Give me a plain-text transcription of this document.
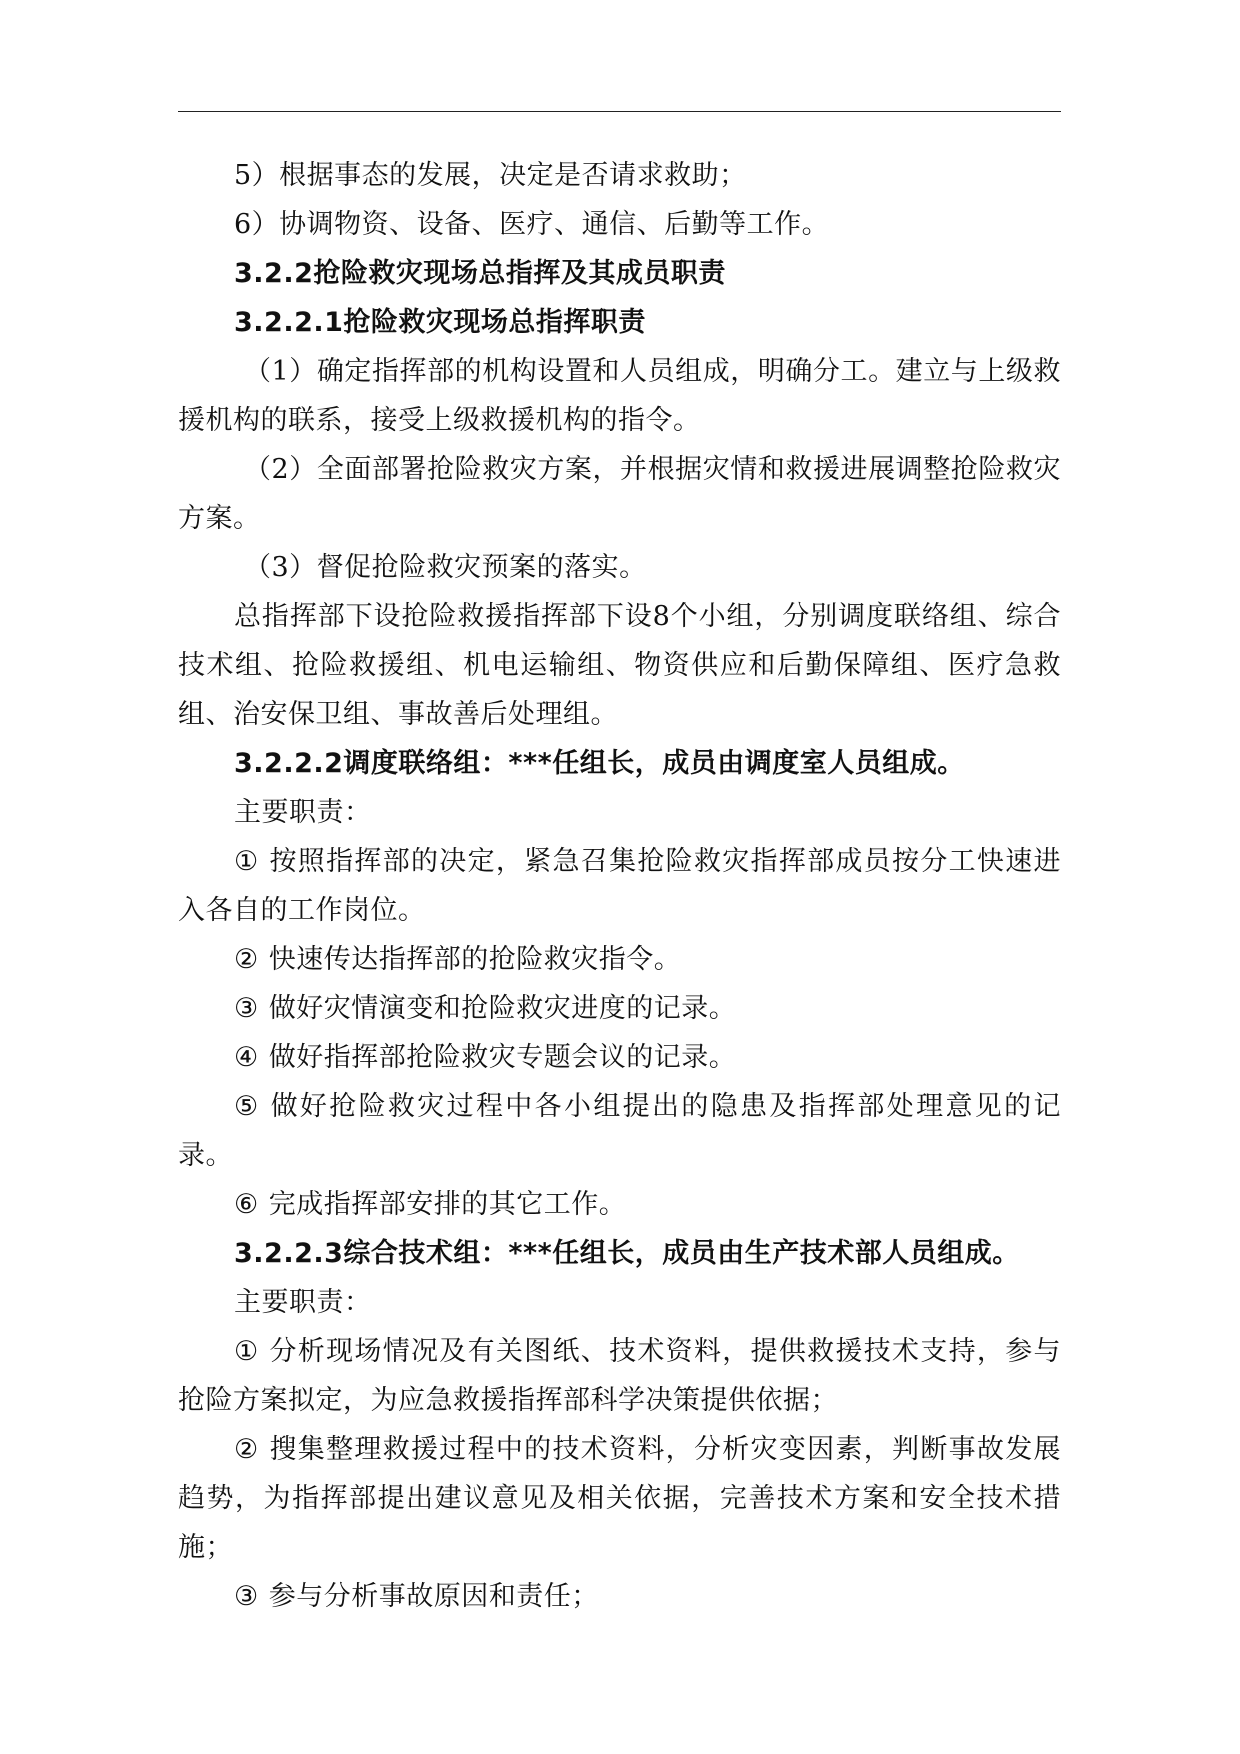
5）根据事态的发展，决定是否请求救助；

6）协调物资、设备、医疗、通信、后勤等工作。

3.2.2抢险救灾现场总指挥及其成员职责

3.2.2.1抢险救灾现场总指挥职责

（1）确定指挥部的机构设置和人员组成，明确分工。建立与上级救援机构的联系，接受上级救援机构的指令。

（2）全面部署抢险救灾方案，并根据灾情和救援进展调整抢险救灾方案。

（3）督促抢险救灾预案的落实。

总指挥部下设抢险救援指挥部下设8个小组，分别调度联络组、综合技术组、抢险救援组、机电运输组、物资供应和后勤保障组、医疗急救组、治安保卫组、事故善后处理组。

3.2.2.2调度联络组：***任组长，成员由调度室人员组成。

主要职责：

① 按照指挥部的决定，紧急召集抢险救灾指挥部成员按分工快速进入各自的工作岗位。

② 快速传达指挥部的抢险救灾指令。

③ 做好灾情演变和抢险救灾进度的记录。

④ 做好指挥部抢险救灾专题会议的记录。

⑤ 做好抢险救灾过程中各小组提出的隐患及指挥部处理意见的记录。

⑥ 完成指挥部安排的其它工作。

3.2.2.3综合技术组：***任组长，成员由生产技术部人员组成。

主要职责：

① 分析现场情况及有关图纸、技术资料，提供救援技术支持，参与抢险方案拟定，为应急救援指挥部科学决策提供依据；

② 搜集整理救援过程中的技术资料，分析灾变因素，判断事故发展趋势，为指挥部提出建议意见及相关依据，完善技术方案和安全技术措施；

③ 参与分析事故原因和责任；
